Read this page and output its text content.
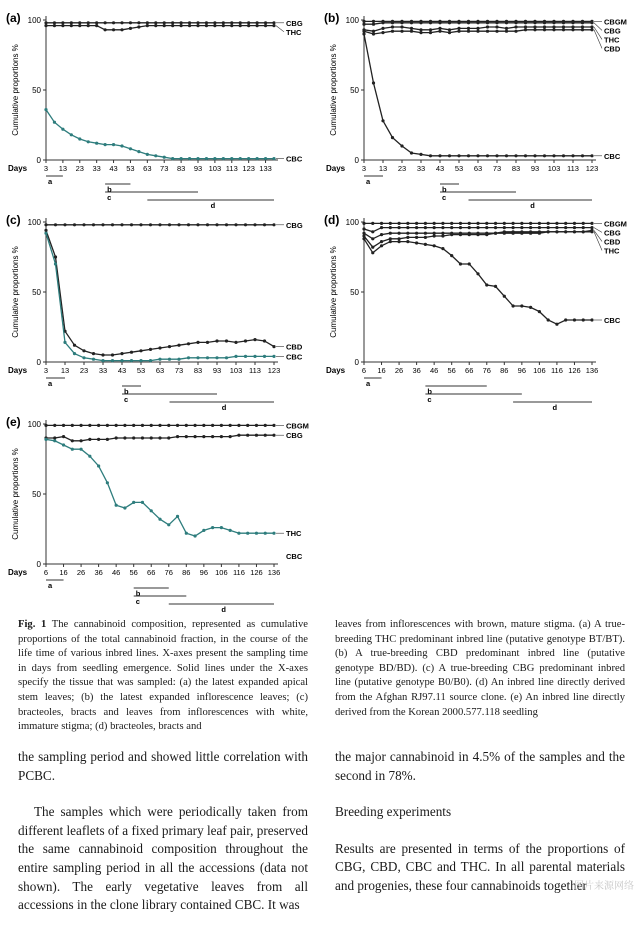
(a)
0
50
100
Cumulative proportions %
3 13 23 33 43 53 63 73 83 93 103 113 123 133
Days
CBG
THC
CBC
a
b
c
d
(b)
0
50
100
Cumulative proportions %
3 13 23 33 43 53 63 73 83 93 103 113 123
Days
CBGM
CBG
THC
CBD
CBC
a
b
c
d
(c)
0
50
100
Cumulative proportions %
3 13 23 33 43 53 63 73 83 93 103 113 123
Days
CBG
CBD
CBC
a
b
c
d
(d)
0
50
100
Cumulative proportions %
6 16 26 36 46 56 66 76 86 96 106 116 126 136
Days
CBGM
CBG
CBD
THC
CBC
a
b
c
d
(e)
0
50
100
Cumulative proportions %
6 16 26 36 46 56 66 76 86 96 106 116 126 136
Days
CBGM
CBG
THC
CBC
a
b
c
d
Fig. 1 The cannabinoid composition, represented as cumulative proportions of the total cannabinoid fraction, in the course of the life time of various inbred lines. X-axes present the sampling time in days from seedling emergence. Solid lines under the X-axes specify the tissue that was sampled: (a) the latest expanded apical stem leaves; (b) the latest expanded inflorescence leaves; (c) bracteoles, bracts and leaves from inflorescences with white, immature stigma; (d) bracteoles, bracts and
leaves from inflorescences with brown, mature stigma. (a) A true-breeding THC predominant inbred line (putative genotype BT/BT). (b) A true-breeding CBD predominant inbred line (putative genotype BD/BD). (c) A true-breeding CBG predominant inbred line (putative genotype B0/B0). (d) An inbred line directly derived from the Afghan RJ97.11 source clone. (e) An inbred line directly derived from the Korean 2000.577.118 seedling

the sampling period and showed little correlation with PCBC.

The samples which were periodically taken from different leaflets of a fixed primary leaf pair, preserved the same cannabinoid composition throughout the entire sampling period in all the accessions (data not shown). The early vegetative leaves from all accessions in the clone library contained CBC. It was

the major cannabinoid in 4.5% of the samples and the second in 78%.

Breeding experiments

Results are presented in terms of the proportions of CBG, CBD, CBC and THC. In all parental materials and progenies, these four cannabinoids together

图片来源网络
